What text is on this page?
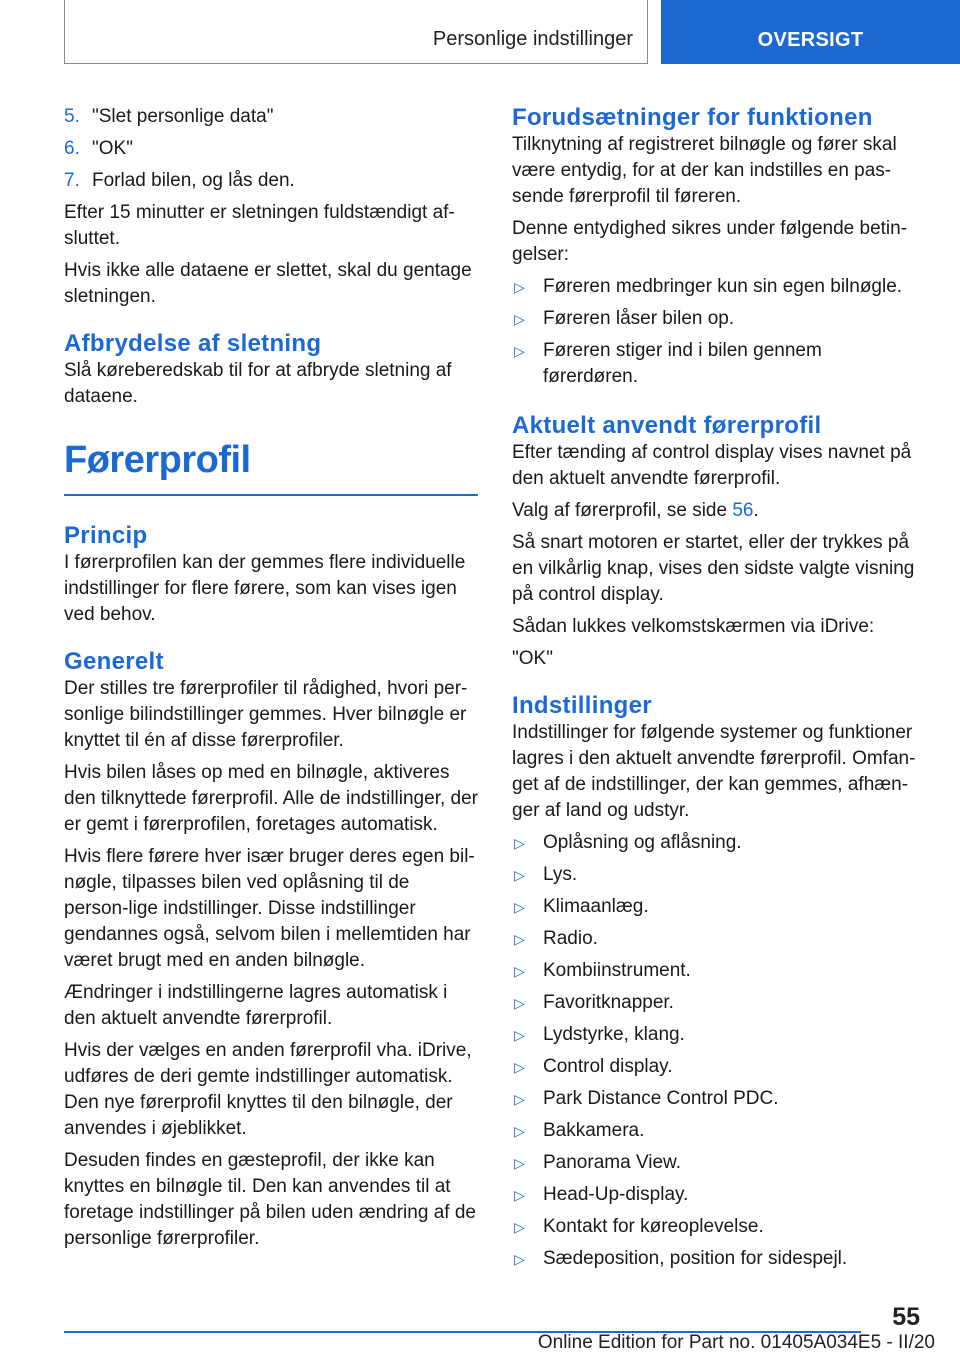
Personlige indstillinger	OVERSIGT
5. "Slet personlige data"
6. "OK"
7. Forlad bilen, og lås den.

Efter 15 minutter er sletningen fuldstændigt af-sluttet.

Hvis ikke alle dataene er slettet, skal du gentage sletningen.

Afbrydelse af sletning

Slå køreberedskab til for at afbryde sletning af dataene.

Førerprofil
Princip

I førerprofilen kan der gemmes flere individuelle indstillinger for flere førere, som kan vises igen ved behov.

Generelt

Der stilles tre førerprofiler til rådighed, hvori per-sonlige bilindstillinger gemmes. Hver bilnøgle er knyttet til én af disse førerprofiler.

Hvis bilen låses op med en bilnøgle, aktiveres den tilknyttede førerprofil. Alle de indstillinger, der er gemt i førerprofilen, foretages automatisk.

Hvis flere førere hver især bruger deres egen bil-nøgle, tilpasses bilen ved oplåsning til de person-lige indstillinger. Disse indstillinger gendannes også, selvom bilen i mellemtiden har været brugt med en anden bilnøgle.

Ændringer i indstillingerne lagres automatisk i den aktuelt anvendte førerprofil.

Hvis der vælges en anden førerprofil vha. iDrive, udføres de deri gemte indstillinger automatisk. Den nye førerprofil knyttes til den bilnøgle, der anvendes i øjeblikket.

Desuden findes en gæsteprofil, der ikke kan knyttes en bilnøgle til. Den kan anvendes til at foretage indstillinger på bilen uden ændring af de personlige førerprofiler.

Forudsætninger for funktionen

Tilknytning af registreret bilnøgle og fører skal være entydig, for at der kan indstilles en pas-sende førerprofil til føreren.

Denne entydighed sikres under følgende betin-gelser:

▷ Føreren medbringer kun sin egen bilnøgle.
▷ Føreren låser bilen op.
▷ Føreren stiger ind i bilen gennem førerdøren.
Aktuelt anvendt førerprofil

Efter tænding af control display vises navnet på den aktuelt anvendte førerprofil.

Valg af førerprofil, se side 56.

Så snart motoren er startet, eller der trykkes på en vilkårlig knap, vises den sidste valgte visning på control display.

Sådan lukkes velkomstskærmen via iDrive:

"OK"

Indstillinger

Indstillinger for følgende systemer og funktioner lagres i den aktuelt anvendte førerprofil. Omfan-get af de indstillinger, der kan gemmes, afhæn-ger af land og udstyr.

▷ Oplåsning og aflåsning.
▷ Lys.
▷ Klimaanlæg.
▷ Radio.
▷ Kombiinstrument.
▷ Favoritknapper.
▷ Lydstyrke, klang.
▷ Control display.
▷ Park Distance Control PDC.
▷ Bakkamera.
▷ Panorama View.
▷ Head-Up-display.
▷ Kontakt for køreoplevelse.
▷ Sædeposition, position for sidespejl.
55
Online Edition for Part no. 01405A034E5 - II/20
